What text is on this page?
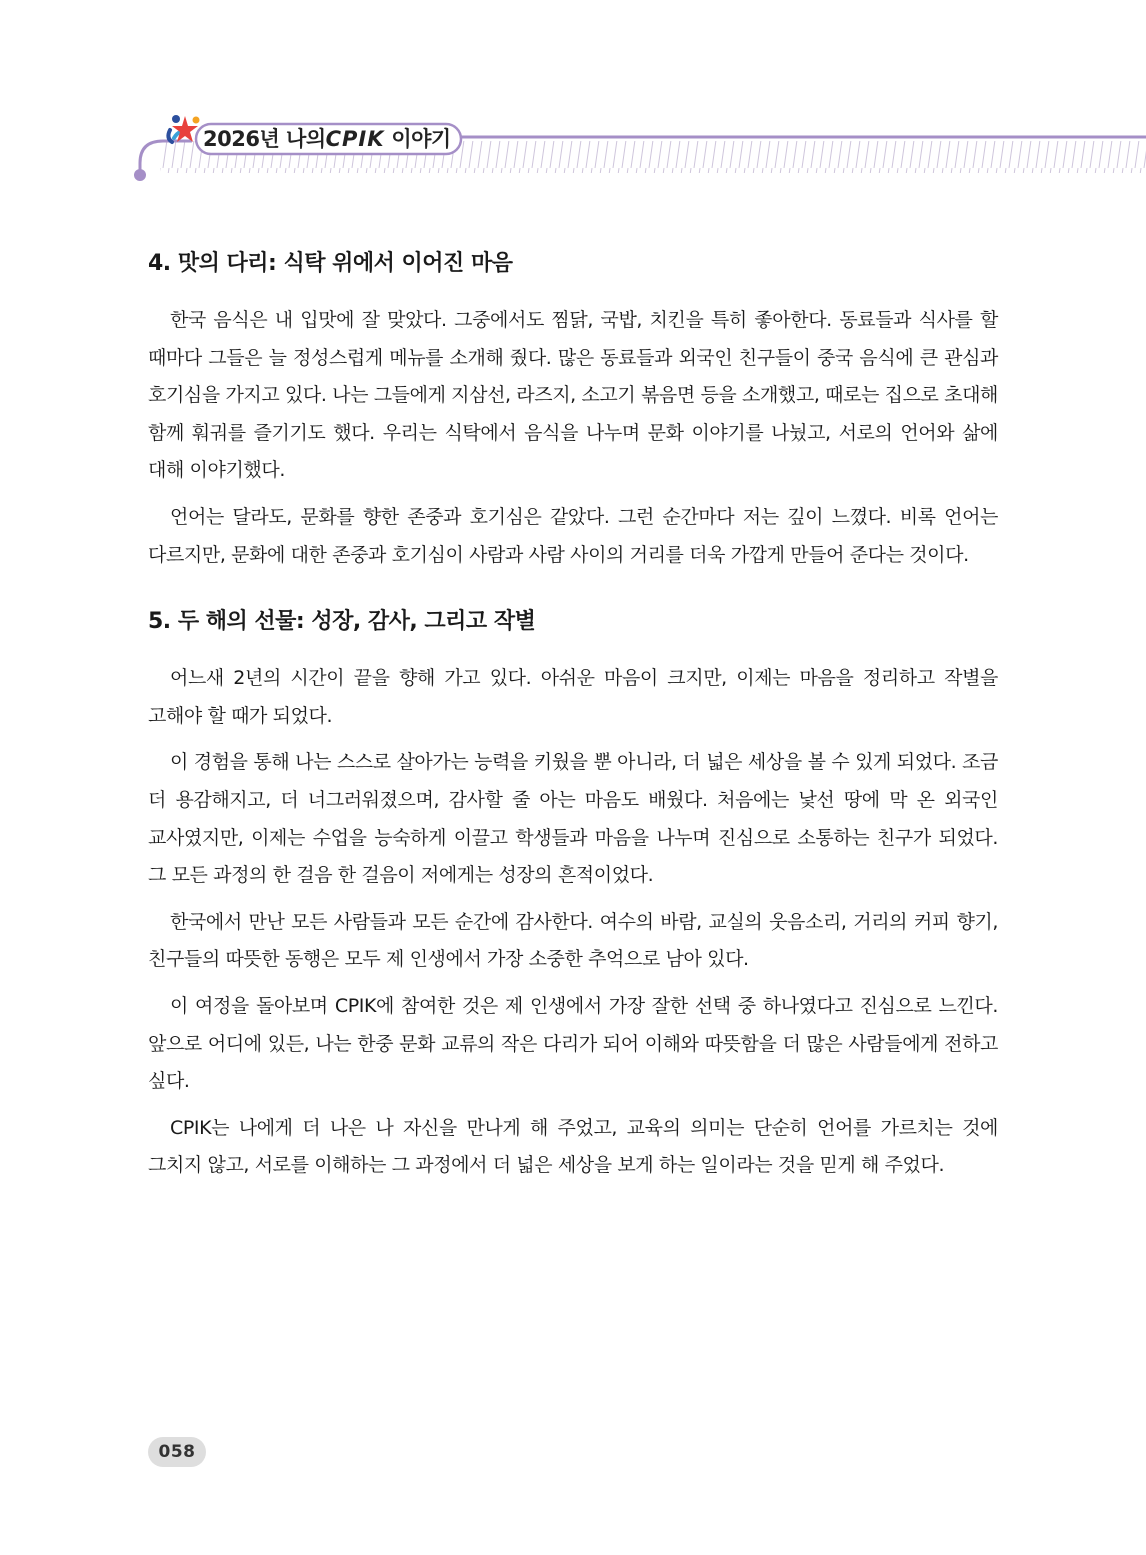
2026년 나의CPIK 이야기
4. 맛의 다리: 식탁 위에서 이어진 마음

한국 음식은 내 입맛에 잘 맞았다. 그중에서도 찜닭, 국밥, 치킨을 특히 좋아한다. 동료들과 식사를 할 때마다 그들은 늘 정성스럽게 메뉴를 소개해 줬다. 많은 동료들과 외국인 친구들이 중국 음식에 큰 관심과 호기심을 가지고 있다. 나는 그들에게 지삼선, 라즈지, 소고기 볶음면 등을 소개했고, 때로는 집으로 초대해 함께 훠궈를 즐기기도 했다. 우리는 식탁에서 음식을 나누며 문화 이야기를 나눴고, 서로의 언어와 삶에 대해 이야기했다.

언어는 달라도, 문화를 향한 존중과 호기심은 같았다. 그런 순간마다 저는 깊이 느꼈다. 비록 언어는 다르지만, 문화에 대한 존중과 호기심이 사람과 사람 사이의 거리를 더욱 가깝게 만들어 준다는 것이다.

5. 두 해의 선물: 성장, 감사, 그리고 작별

어느새 2년의 시간이 끝을 향해 가고 있다. 아쉬운 마음이 크지만, 이제는 마음을 정리하고 작별을 고해야 할 때가 되었다.

이 경험을 통해 나는 스스로 살아가는 능력을 키웠을 뿐 아니라, 더 넓은 세상을 볼 수 있게 되었다. 조금 더 용감해지고, 더 너그러워졌으며, 감사할 줄 아는 마음도 배웠다. 처음에는 낯선 땅에 막 온 외국인 교사였지만, 이제는 수업을 능숙하게 이끌고 학생들과 마음을 나누며 진심으로 소통하는 친구가 되었다. 그 모든 과정의 한 걸음 한 걸음이 저에게는 성장의 흔적이었다.

한국에서 만난 모든 사람들과 모든 순간에 감사한다. 여수의 바람, 교실의 웃음소리, 거리의 커피 향기, 친구들의 따뜻한 동행은 모두 제 인생에서 가장 소중한 추억으로 남아 있다.

이 여정을 돌아보며 CPIK에 참여한 것은 제 인생에서 가장 잘한 선택 중 하나였다고 진심으로 느낀다. 앞으로 어디에 있든, 나는 한중 문화 교류의 작은 다리가 되어 이해와 따뜻함을 더 많은 사람들에게 전하고 싶다.

CPIK는 나에게 더 나은 나 자신을 만나게 해 주었고, 교육의 의미는 단순히 언어를 가르치는 것에 그치지 않고, 서로를 이해하는 그 과정에서 더 넓은 세상을 보게 하는 일이라는 것을 믿게 해 주었다.

058
